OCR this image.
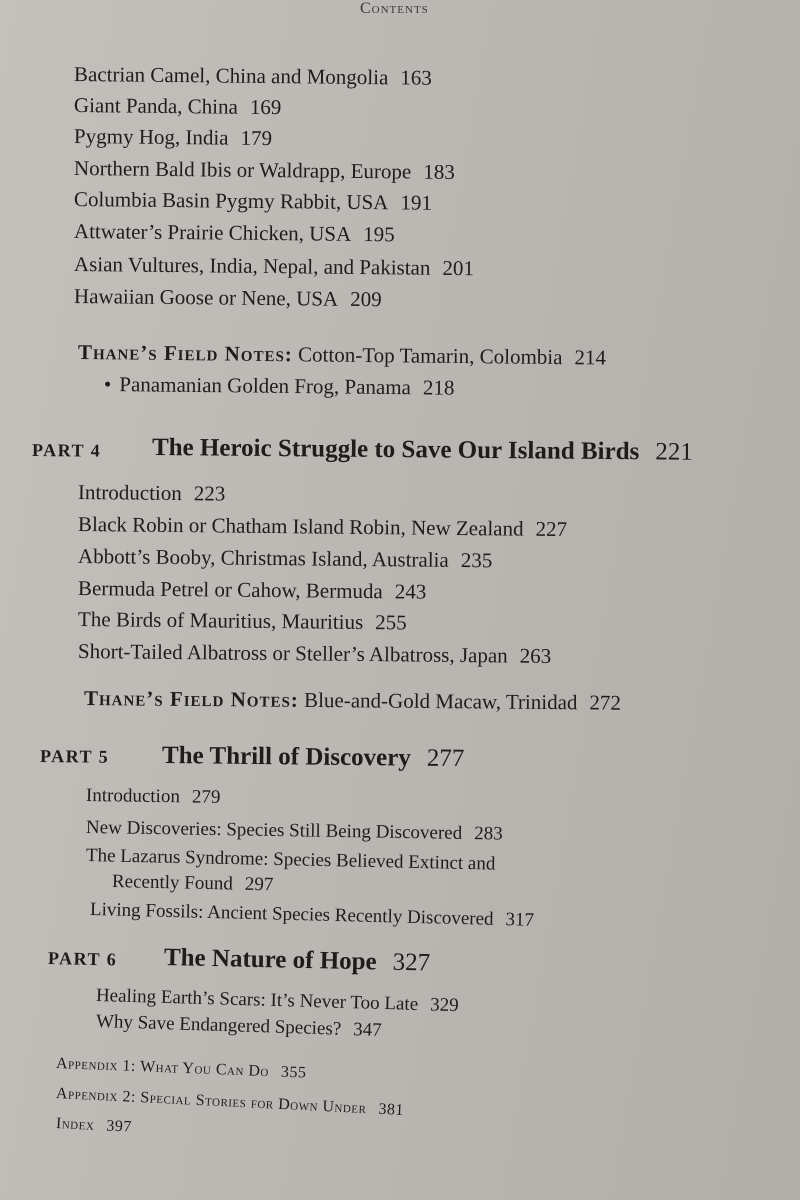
Contents
Bactrian Camel, China and Mongolia 163
Giant Panda, China 169
Pygmy Hog, India 179
Northern Bald Ibis or Waldrapp, Europe 183
Columbia Basin Pygmy Rabbit, USA 191
Attwater’s Prairie Chicken, USA 195
Asian Vultures, India, Nepal, and Pakistan 201
Hawaiian Goose or Nene, USA 209
Thane’s Field Notes: Cotton-Top Tamarin, Colombia 214
• Panamanian Golden Frog, Panama 218
PART 4 The Heroic Struggle to Save Our Island Birds 221
Introduction 223
Black Robin or Chatham Island Robin, New Zealand 227
Abbott’s Booby, Christmas Island, Australia 235
Bermuda Petrel or Cahow, Bermuda 243
The Birds of Mauritius, Mauritius 255
Short-Tailed Albatross or Steller’s Albatross, Japan 263
Thane’s Field Notes: Blue-and-Gold Macaw, Trinidad 272
PART 5 The Thrill of Discovery 277
Introduction 279
New Discoveries: Species Still Being Discovered 283
The Lazarus Syndrome: Species Believed Extinct and
Recently Found 297
Living Fossils: Ancient Species Recently Discovered 317
PART 6 The Nature of Hope 327
Healing Earth’s Scars: It’s Never Too Late 329
Why Save Endangered Species? 347
Appendix 1: What You Can Do 355
Appendix 2: Special Stories for Down Under 381
Index 397
